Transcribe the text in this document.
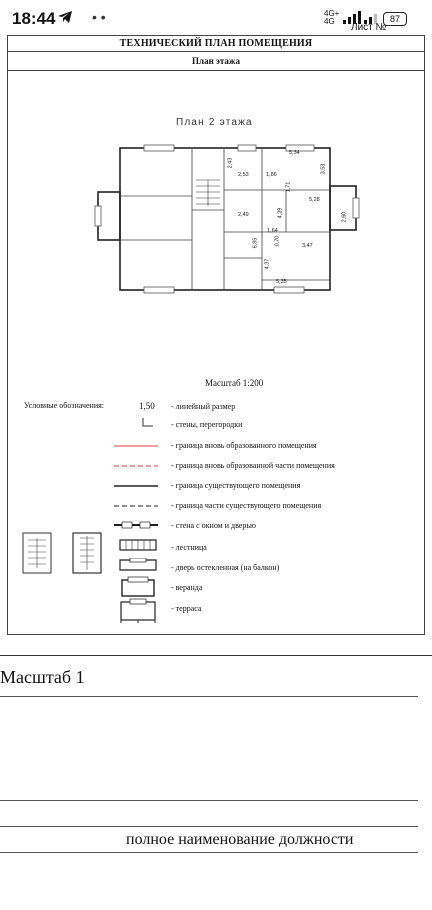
18:44	• •	4G+
4G	87
Лист №
ТЕХНИЧЕСКИЙ ПЛАН ПОМЕЩЕНИЯ
План этажа
План 2 этажа
2,43
5,34
2,53
3,53
1,86
1,71
5,28
2,49	4,29	2,60
1,64
0,70
6,85	3,47
4,37
5,35
Масштаб 1:200
Условные обозначения:	1,50 - линейный размер
- стены, перегородки
- граница вновь образованного помещения
- граница вновь образованной части помещения
- граница существующего помещения
- граница части существующего помещения
- стена с окном и дверью
- лестница
- дверь остекленная (на балкон)
- веранда
- терраса
Масштаб 1
полное наименование должности
